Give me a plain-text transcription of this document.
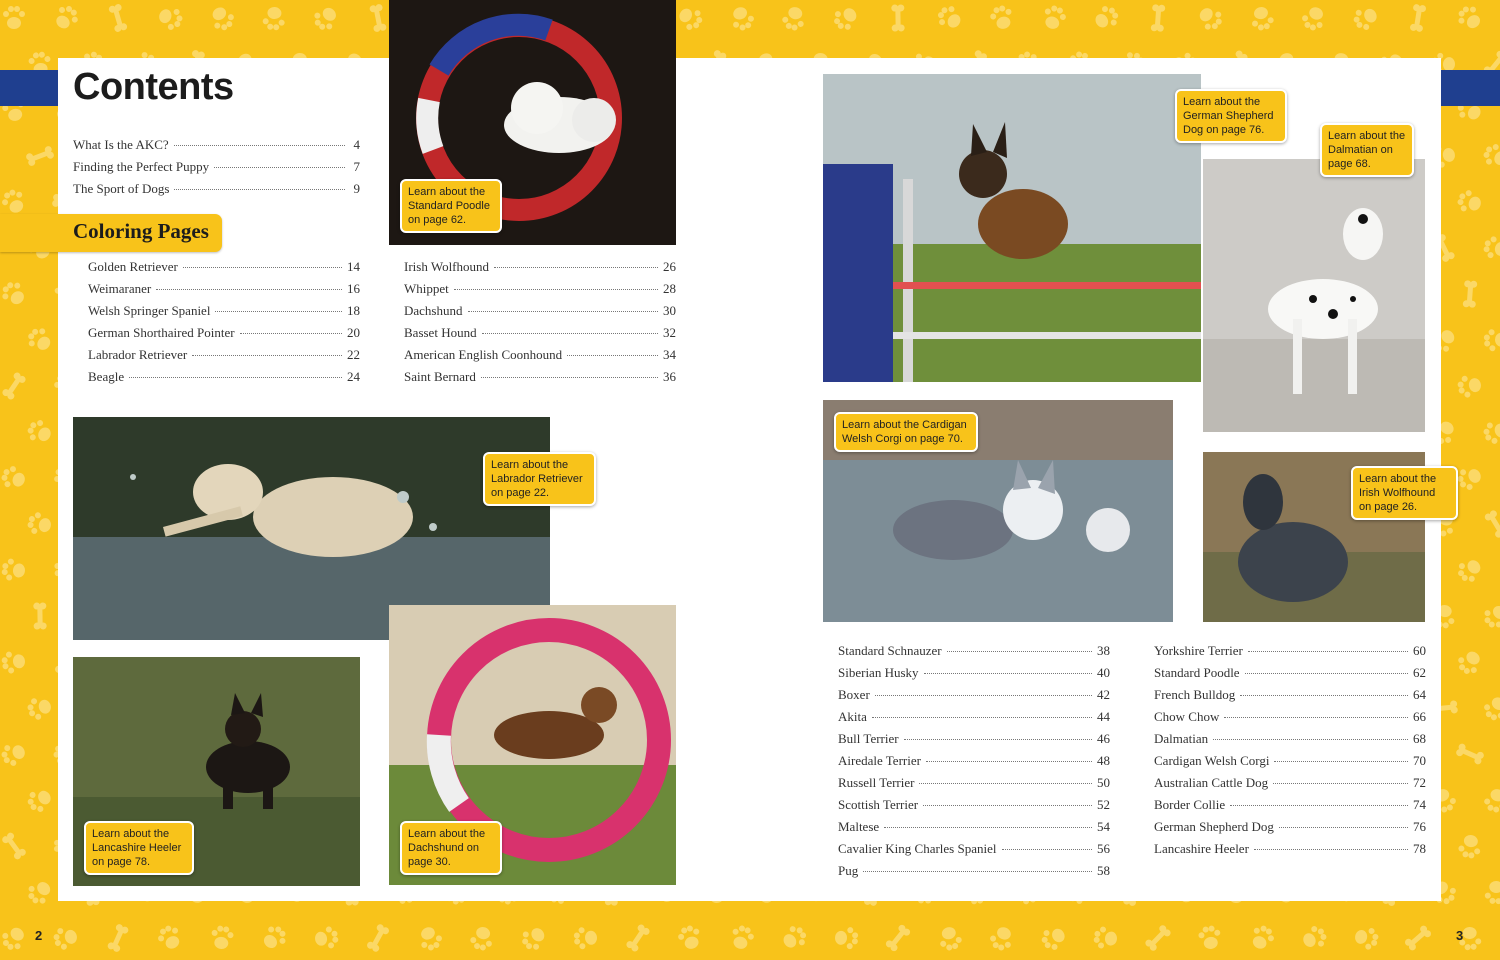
Contents
What Is the AKC?	4
Finding the Perfect Puppy	7
The Sport of Dogs	9
Coloring Pages
Golden Retriever	14
Weimaraner	16
Welsh Springer Spaniel	18
German Shorthaired Pointer	20
Labrador Retriever	22
Beagle	24
Irish Wolfhound	26
Whippet	28
Dachshund	30
Basset Hound	32
American English Coonhound	34
Saint Bernard	36
Standard Schnauzer	38
Siberian Husky	40
Boxer	42
Akita	44
Bull Terrier	46
Airedale Terrier	48
Russell Terrier	50
Scottish Terrier	52
Maltese	54
Cavalier King Charles Spaniel	56
Pug	58
Yorkshire Terrier	60
Standard Poodle	62
French Bulldog	64
Chow Chow	66
Dalmatian	68
Cardigan Welsh Corgi	70
Australian Cattle Dog	72
Border Collie	74
German Shepherd Dog	76
Lancashire Heeler	78
Learn about the Standard Poodle on page 62.
Learn about the Labrador Retriever on page 22.
Learn about the Lancashire Heeler on page 78.
Learn about the Dachshund on page 30.
Learn about the German Shepherd Dog on page 76.	Learn about the Dalmatian on page 68.
Learn about the Cardigan Welsh Corgi on page 70.
Learn about the Irish Wolfhound on page 26.
2	3
